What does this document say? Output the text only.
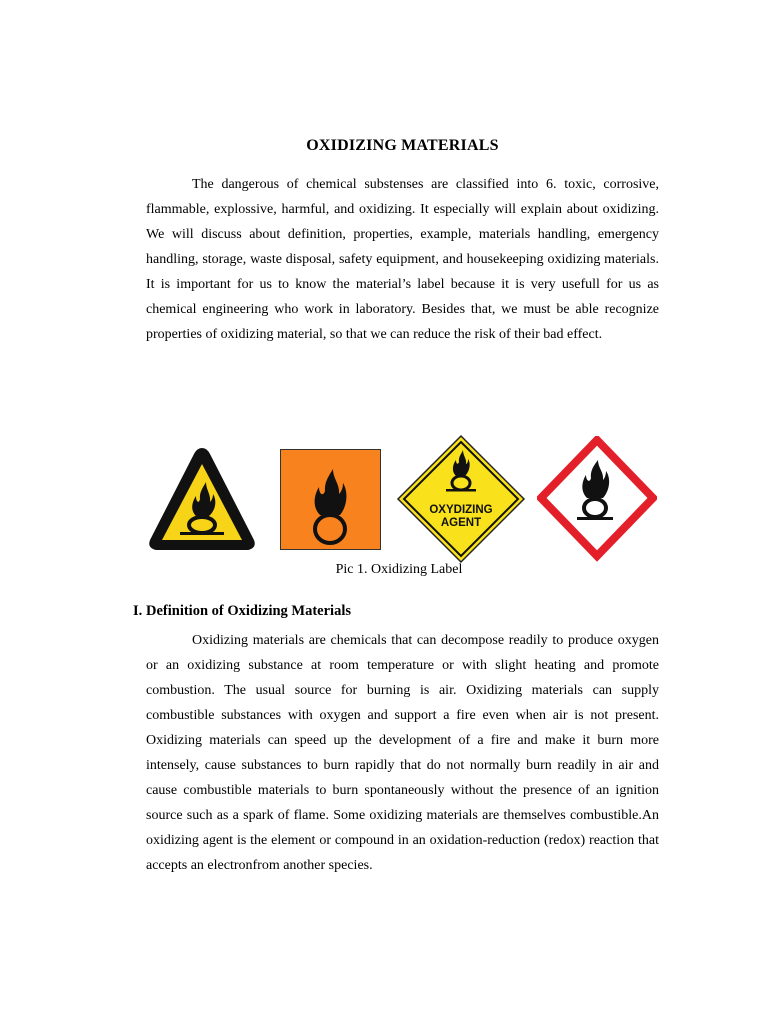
OXIDIZING MATERIALS
The dangerous of chemical substenses are classified into 6. toxic, corrosive, flammable, explossive, harmful, and oxidizing. It especially will explain about oxidizing. We will discuss about definition, properties, example, materials handling, emergency handling, storage, waste disposal, safety equipment, and housekeeping oxidizing materials. It is important for us to know the material’s label because it is very usefull for us as chemical engineering who work in laboratory. Besides that, we must be able recognize properties of oxidizing material, so that we can reduce the risk of their bad effect.
OXYDIZING
AGENT
Pic 1. Oxidizing Label
I. Definition of Oxidizing Materials
Oxidizing materials are chemicals that can decompose readily to produce oxygen or an oxidizing substance at room temperature or with slight heating and promote combustion. The usual source for burning is air. Oxidizing materials can supply combustible substances with oxygen and support a fire even when air is not present. Oxidizing materials can speed up the development of a fire and make it burn more intensely, cause substances to burn rapidly that do not normally burn readily in air and cause combustible materials to burn spontaneously without the presence of an ignition source such as a spark of flame. Some oxidizing materials are themselves combustible.An oxidizing agent is the element or compound in an oxidation-reduction (redox) reaction that accepts an electronfrom another species.
